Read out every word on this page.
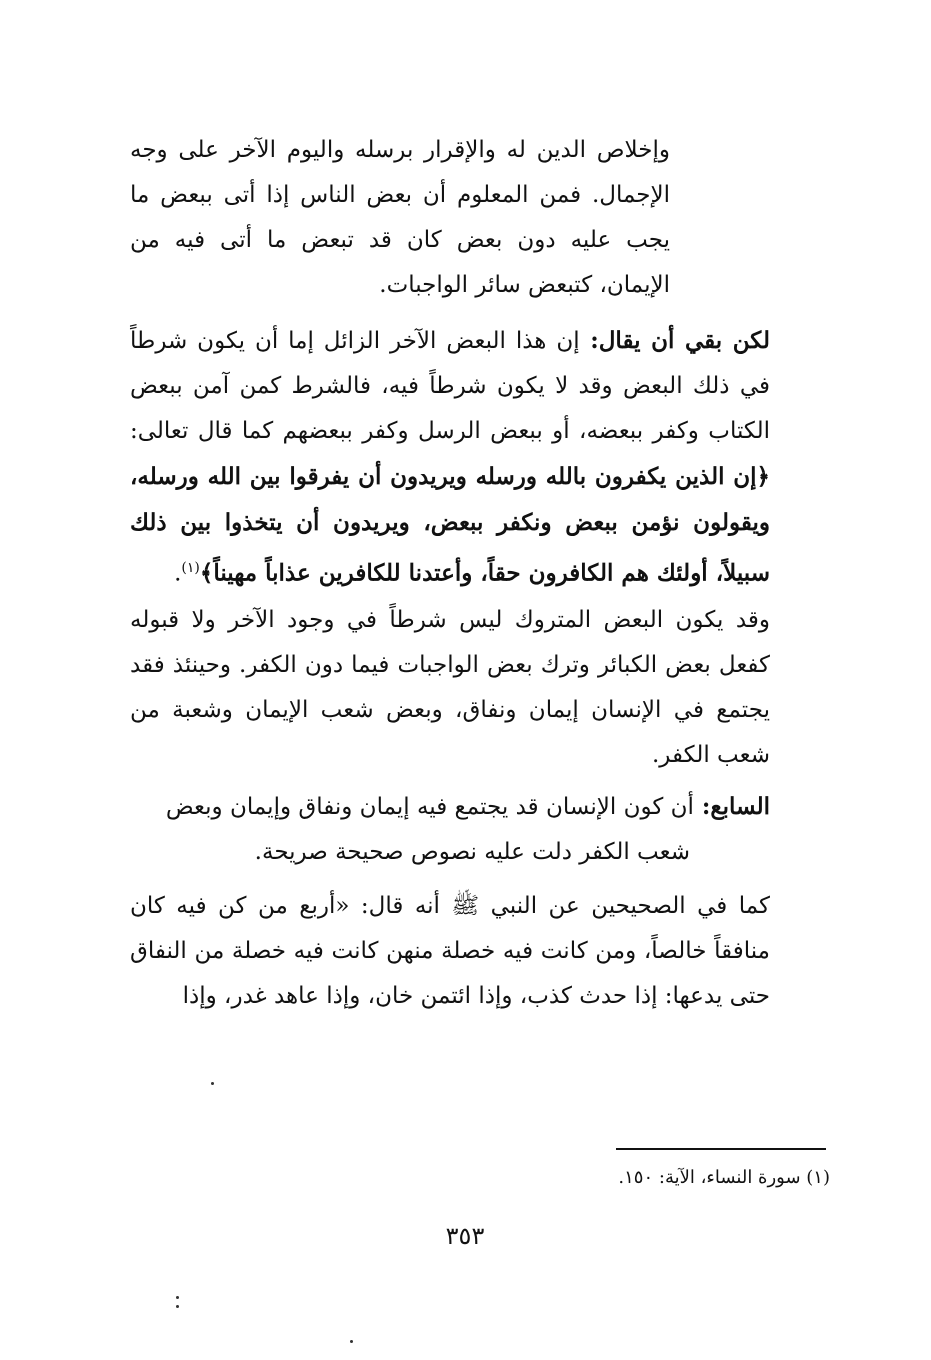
وإخلاص الدين له والإقرار برسله واليوم الآخر على وجه الإجمال. فمن المعلوم أن بعض الناس إذا أتى ببعض ما يجب عليه دون بعض كان قد تبعض ما أتى فيه من الإيمان، كتبعض سائر الواجبات.

لكن بقي أن يقال: إن هذا البعض الآخر الزائل إما أن يكون شرطاً في ذلك البعض وقد لا يكون شرطاً فيه، فالشرط كمن آمن ببعض الكتاب وكفر ببعضه، أو ببعض الرسل وكفر ببعضهم كما قال تعالى: ﴿إن الذين يكفرون بالله ورسله ويريدون أن يفرقوا بين الله ورسله، ويقولون نؤمن ببعض ونكفر ببعض، ويريدون أن يتخذوا بين ذلك سبيلاً، أولئك هم الكافرون حقاً، وأعتدنا للكافرين عذاباً مهيناً﴾$^{(١)}$.

وقد يكون البعض المتروك ليس شرطاً في وجود الآخر ولا قبوله كفعل بعض الكبائر وترك بعض الواجبات فيما دون الكفر. وحينئذ فقد يجتمع في الإنسان إيمان ونفاق، وبعض شعب الإيمان وشعبة من شعب الكفر.

السابع: أن كون الإنسان قد يجتمع فيه إيمان ونفاق وإيمان وبعض
شعب الكفر دلت عليه نصوص صحيحة صريحة.

كما في الصحيحين عن النبي ﷺ أنه قال: «أربع من كن فيه كان منافقاً خالصاً، ومن كانت فيه خصلة منهن كانت فيه خصلة من النفاق حتى يدعها: إذا حدث كذب، وإذا ائتمن خان، وإذا عاهد غدر، وإذا

(١) سورة النساء، الآية: ١٥٠.
٣٥٣
